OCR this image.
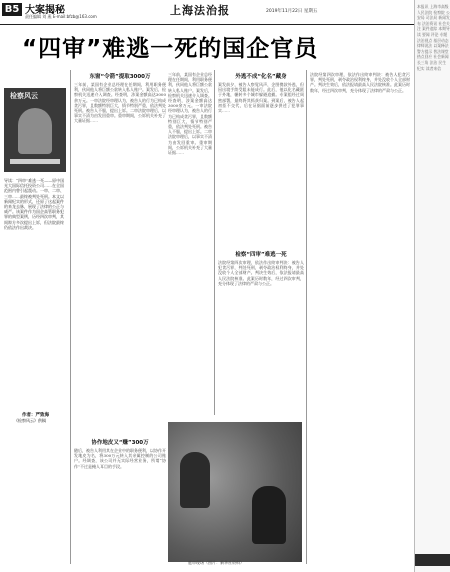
B5 大案揭秘
责任编辑 刘 燕 E-mail:bfzb@163.com	上海法治报	2019年11月22日 星期五
“四审”难逃一死的国企官员
检察风云
导读：“四审”难逃一死——原中国光大国际信托投资公司……在全国范围内曾引起震动。一审、二审、三审……最终被判处死刑。本文以新闻纪实的形式，还原了这起案件的来龙去脉，展现了法律的公正与威严。该案件作为国企高管职务犯罪的典型案例，历经四次审判，其间辩方多次提出上诉，但法院最终仍依法作出裁决。
作者：严致海
《检察风云》供稿
东窗“令箭”提取3000万
三年前，某国有企业总经理在任期间，利用职务便利，伙同他人将巨额公款转入私人账户。案发后，检察机关迅速介入调查。经查明，涉案金额高达3000余万元。一审法院经审理认为，被告人的行为已构成贪污罪，且数额特别巨大，情节特别严重，依法判处死刑。被告人不服，提出上诉。二审法院审理后，以事实不清为由发回重审。重审期间，公诉机关补充了大量证据……
协作地皮又“赚”300万
随后，被告人利用其在企业中的职务便利，以协作开发地皮为名，将300万元转入其亲属控制的公司账户。经调查，该公司并无实际经营业务，所谓“协作”不过是掩人耳目的手段。
三年前，某国有企业总经理在任期间，利用职务便利，伙同他人将巨额公款转入私人账户。案发后，检察机关迅速介入调查。经查明，涉案金额高达3000余万元。一审法院经审理认为，被告人的行为已构成贪污罪，且数额特别巨大，情节特别严重，依法判处死刑。被告人不服，提出上诉。二审法院审理后，以事实不清为由发回重审。重审期间，公诉机关补充了大量证据……
外逃不成“化名”藏身
案发前夕，被告人察觉风声，企图携款外逃，但因出境手续受阻未能成行。此后，他以化名藏匿于外地，辗转多个城市躲避追捕。专案组经过周密部署，最终将其抓获归案。到案后，被告人起初拒不交代，后在证据面前逐步供述了犯罪事实……
检察“四审”难逃一死
法院经第四次审理，依法作出终审判决：被告人犯贪污罪，判处死刑，剥夺政治权利终身，并处没收个人全部财产。判决生效后，依法报请最高人民法院核准。此案历时数年，经过四次审判，充分体现了法律的严肃与公正。
法院经第四次审理，依法作出终审判决：被告人犯贪污罪，判处死刑，剥夺政治权利终身，并处没收个人全部财产。判决生效后，依法报请最高人民法院核准。此案历时数年，经过四次审判，充分体现了法律的严肃与公正。
庭审现场（图片：新华社资料）
本报讯 上海市高级人民法院 检察院 公安局 司法局 新闻发布 法治资讯 社会关注 案件追踪 本期导读 要闻 评论 专题 法治视点 基层动态 律师说法 以案释法 警方提示 普法课堂 热点回应 社会新闻 长三角 法治 民生 纪实 读者来信
